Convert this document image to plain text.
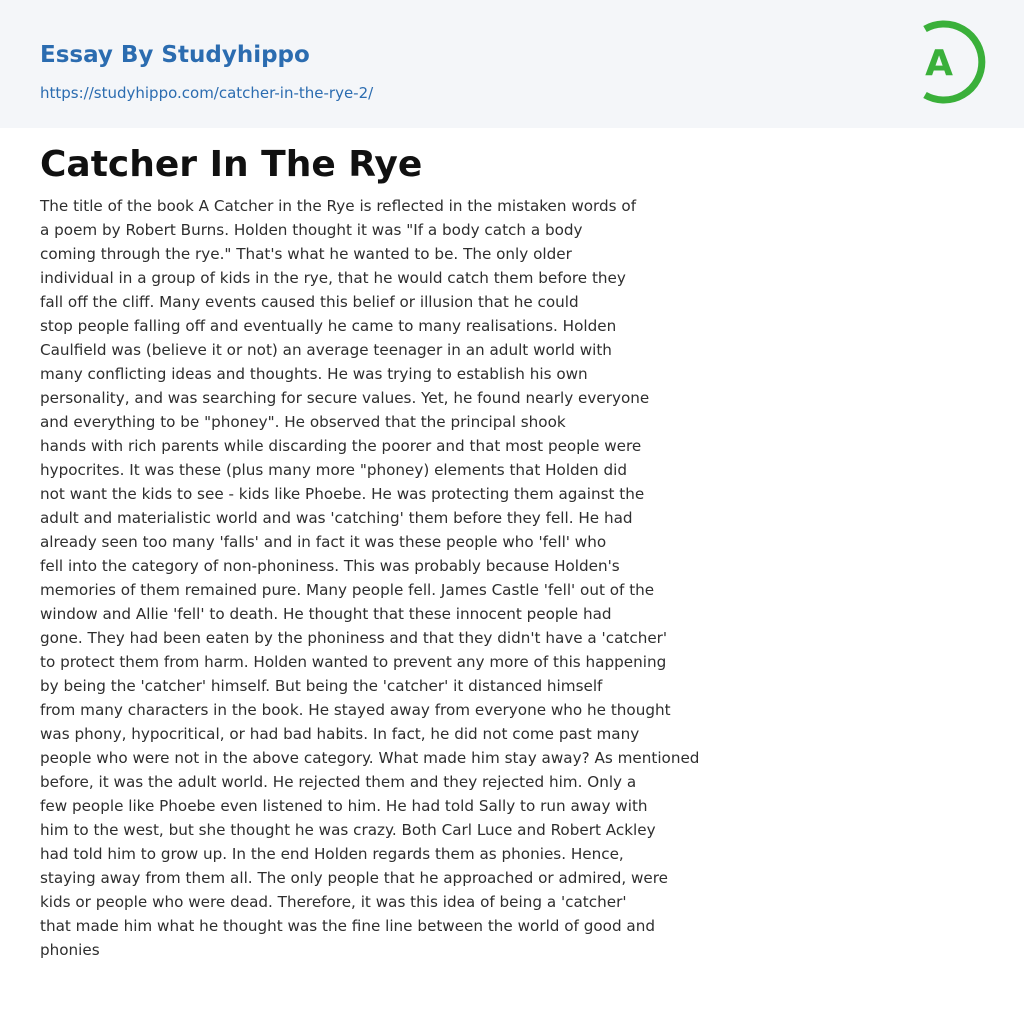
Essay By Studyhippo
https://studyhippo.com/catcher-in-the-rye-2/
A
Catcher In The Rye
The title of the book A Catcher in the Rye is reflected in the mistaken words of
a poem by Robert Burns. Holden thought it was "If a body catch a body
coming through the rye." That's what he wanted to be. The only older
individual in a group of kids in the rye, that he would catch them before they
fall off the cliff. Many events caused this belief or illusion that he could
stop people falling off and eventually he came to many realisations. Holden
Caulfield was (believe it or not) an average teenager in an adult world with
many conflicting ideas and thoughts. He was trying to establish his own
personality, and was searching for secure values. Yet, he found nearly everyone
and everything to be "phoney". He observed that the principal shook
hands with rich parents while discarding the poorer and that most people were
hypocrites. It was these (plus many more "phoney) elements that Holden did
not want the kids to see - kids like Phoebe. He was protecting them against the
adult and materialistic world and was 'catching' them before they fell. He had
already seen too many 'falls' and in fact it was these people who 'fell' who
fell into the category of non-phoniness. This was probably because Holden's
memories of them remained pure. Many people fell. James Castle 'fell' out of the
window and Allie 'fell' to death. He thought that these innocent people had
gone. They had been eaten by the phoniness and that they didn't have a 'catcher'
to protect them from harm. Holden wanted to prevent any more of this happening
by being the 'catcher' himself. But being the 'catcher' it distanced himself
from many characters in the book. He stayed away from everyone who he thought
was phony, hypocritical, or had bad habits. In fact, he did not come past many
people who were not in the above category. What made him stay away? As mentioned
before, it was the adult world. He rejected them and they rejected him. Only a
few people like Phoebe even listened to him. He had told Sally to run away with
him to the west, but she thought he was crazy. Both Carl Luce and Robert Ackley
had told him to grow up. In the end Holden regards them as phonies. Hence,
staying away from them all. The only people that he approached or admired, were
kids or people who were dead. Therefore, it was this idea of being a 'catcher'
that made him what he thought was the fine line between the world of good and
phonies
